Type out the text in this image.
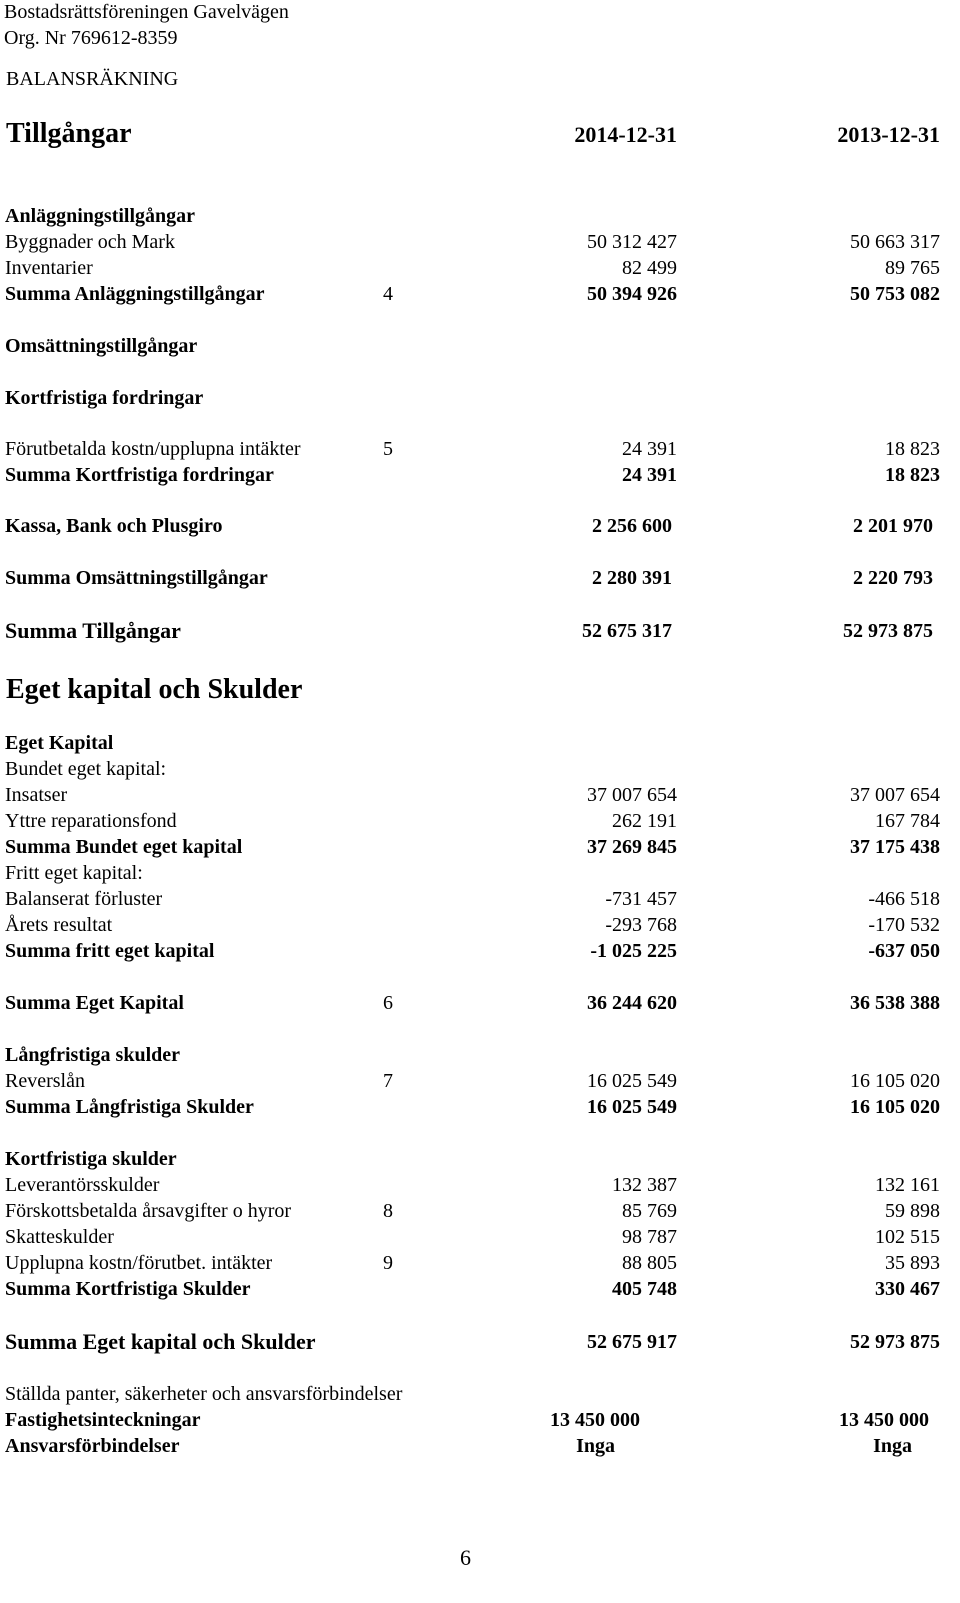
Bostadsrättsföreningen Gavelvägen
Org. Nr 769612-8359
BALANSRÄKNING
Tillgångar	2014-12-31	2013-12-31
Anläggningstillgångar
Byggnader och Mark	50 312 427	50 663 317
Inventarier	82 499	89 765
Summa Anläggningstillgångar	4	50 394 926	50 753 082
Omsättningstillgångar
Kortfristiga fordringar
Förutbetalda kostn/upplupna intäkter	5	24 391	18 823
Summa Kortfristiga fordringar	24 391	18 823
Kassa, Bank och Plusgiro	2 256 600	2 201 970
Summa Omsättningstillgångar	2 280 391	2 220 793
Summa Tillgångar	52 675 317	52 973 875
Eget kapital och Skulder
Eget Kapital
Bundet eget kapital:
Insatser	37 007 654	37 007 654
Yttre reparationsfond	262 191	167 784
Summa Bundet eget kapital	37 269 845	37 175 438
Fritt eget kapital:
Balanserat förluster	-731 457	-466 518
Årets resultat	-293 768	-170 532
Summa fritt eget kapital	-1 025 225	-637 050
Summa Eget Kapital	6	36 244 620	36 538 388
Långfristiga skulder
Reverslån	7	16 025 549	16 105 020
Summa Långfristiga Skulder	16 025 549	16 105 020
Kortfristiga skulder
Leverantörsskulder	132 387	132 161
Förskottsbetalda årsavgifter o hyror	8	85 769	59 898
Skatteskulder	98 787	102 515
Upplupna kostn/förutbet. intäkter	9	88 805	35 893
Summa Kortfristiga Skulder	405 748	330 467
Summa Eget kapital och Skulder	52 675 917	52 973 875
Ställda panter, säkerheter och ansvarsförbindelser
Fastighetsinteckningar	13 450 000	13 450 000
Ansvarsförbindelser	Inga	Inga
6
